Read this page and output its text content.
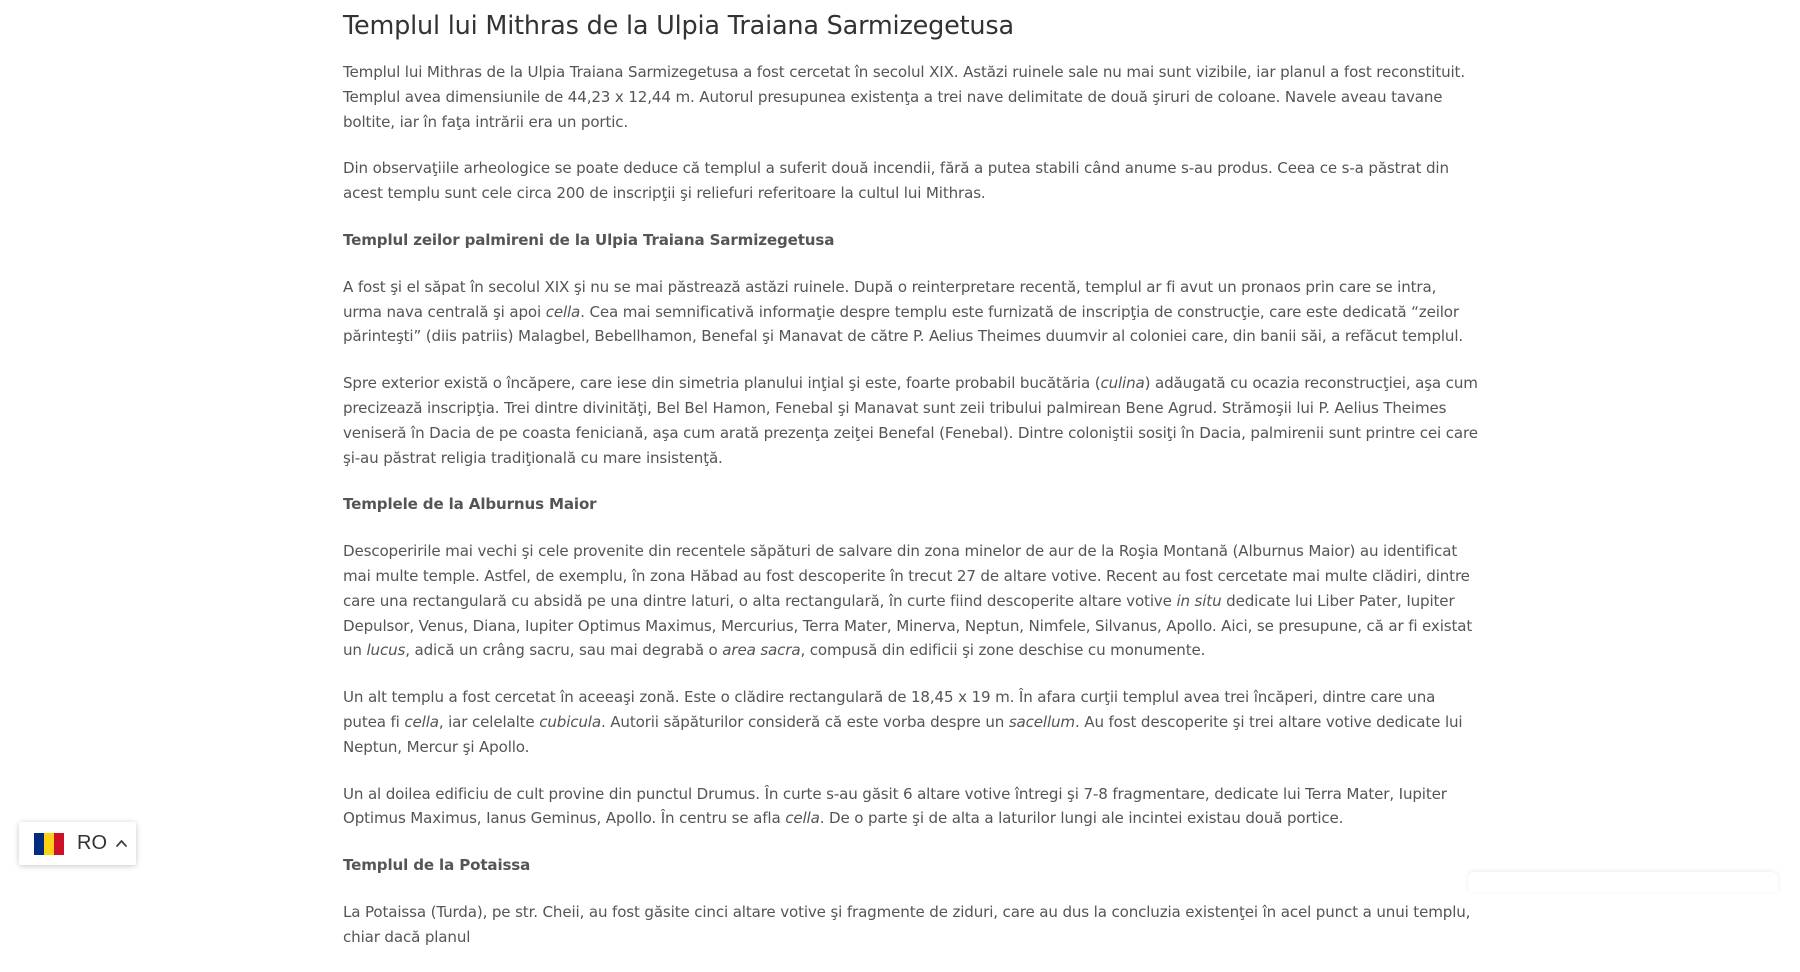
Templul lui Mithras de la Ulpia Traiana Sarmizegetusa

Templul lui Mithras de la Ulpia Traiana Sarmizegetusa a fost cercetat în secolul XIX. Astăzi ruinele sale nu mai sunt vizibile, iar planul a fost reconstituit. Templul avea dimensiunile de 44,23 x 12,44 m. Autorul presupunea existenţa a trei nave delimitate de două şiruri de coloane. Navele aveau tavane boltite, iar în faţa intrării era un portic.

Din observaţiile arheologice se poate deduce că templul a suferit două incendii, fără a putea stabili când anume s-au produs. Ceea ce s-a păstrat din acest templu sunt cele circa 200 de inscripţii şi reliefuri referitoare la cultul lui Mithras.

Templul zeilor palmireni de la Ulpia Traiana Sarmizegetusa

A fost şi el săpat în secolul XIX şi nu se mai păstrează astăzi ruinele. După o reinterpretare recentă, templul ar fi avut un pronaos prin care se intra, urma nava centrală şi apoi cella. Cea mai semnificativă informaţie despre templu este furnizată de inscripţia de construcţie, care este dedicată “zeilor părinteşti” (diis patriis) Malagbel, Bebellhamon, Benefal şi Manavat de către P. Aelius Theimes duumvir al coloniei care, din banii săi, a refăcut templul.

Spre exterior există o încăpere, care iese din simetria planului inţial şi este, foarte probabil bucătăria (culina) adăugată cu ocazia reconstrucţiei, aşa cum precizează inscripţia. Trei dintre divinităţi, Bel Bel Hamon, Fenebal şi Manavat sunt zeii tribului palmirean Bene Agrud. Strămoşii lui P. Aelius Theimes veniseră în Dacia de pe coasta feniciană, aşa cum arată prezenţa zeiţei Benefal (Fenebal). Dintre coloniştii sosiţi în Dacia, palmirenii sunt printre cei care şi-au păstrat religia tradiţională cu mare insistenţă.

Templele de la Alburnus Maior

Descoperirile mai vechi şi cele provenite din recentele săpături de salvare din zona minelor de aur de la Roşia Montană (Alburnus Maior) au identificat mai multe temple. Astfel, de exemplu, în zona Hăbad au fost descoperite în trecut 27 de altare votive. Recent au fost cercetate mai multe clădiri, dintre care una rectangulară cu absidă pe una dintre laturi, o alta rectangulară, în curte fiind descoperite altare votive in situ dedicate lui Liber Pater, Iupiter Depulsor, Venus, Diana, Iupiter Optimus Maximus, Mercurius, Terra Mater, Minerva, Neptun, Nimfele, Silvanus, Apollo. Aici, se presupune, că ar fi existat un lucus, adică un crâng sacru, sau mai degrabă o area sacra, compusă din edificii şi zone deschise cu monumente.

Un alt templu a fost cercetat în aceeaşi zonă. Este o clădire rectangulară de 18,45 x 19 m. În afara curţii templul avea trei încăperi, dintre care una putea fi cella, iar celelalte cubicula. Autorii săpăturilor consideră că este vorba despre un sacellum. Au fost descoperite şi trei altare votive dedicate lui Neptun, Mercur şi Apollo.

Un al doilea edificiu de cult provine din punctul Drumus. În curte s-au găsit 6 altare votive întregi şi 7-8 fragmentare, dedicate lui Terra Mater, Iupiter Optimus Maximus, Ianus Geminus, Apollo. În centru se afla cella. De o parte şi de alta a laturilor lungi ale incintei existau două portice.

Templul de la Potaissa

La Potaissa (Turda), pe str. Cheii, au fost găsite cinci altare votive şi fragmente de ziduri, care au dus la concluzia existenţei în acel punct a unui templu, chiar dacă planul

RO
